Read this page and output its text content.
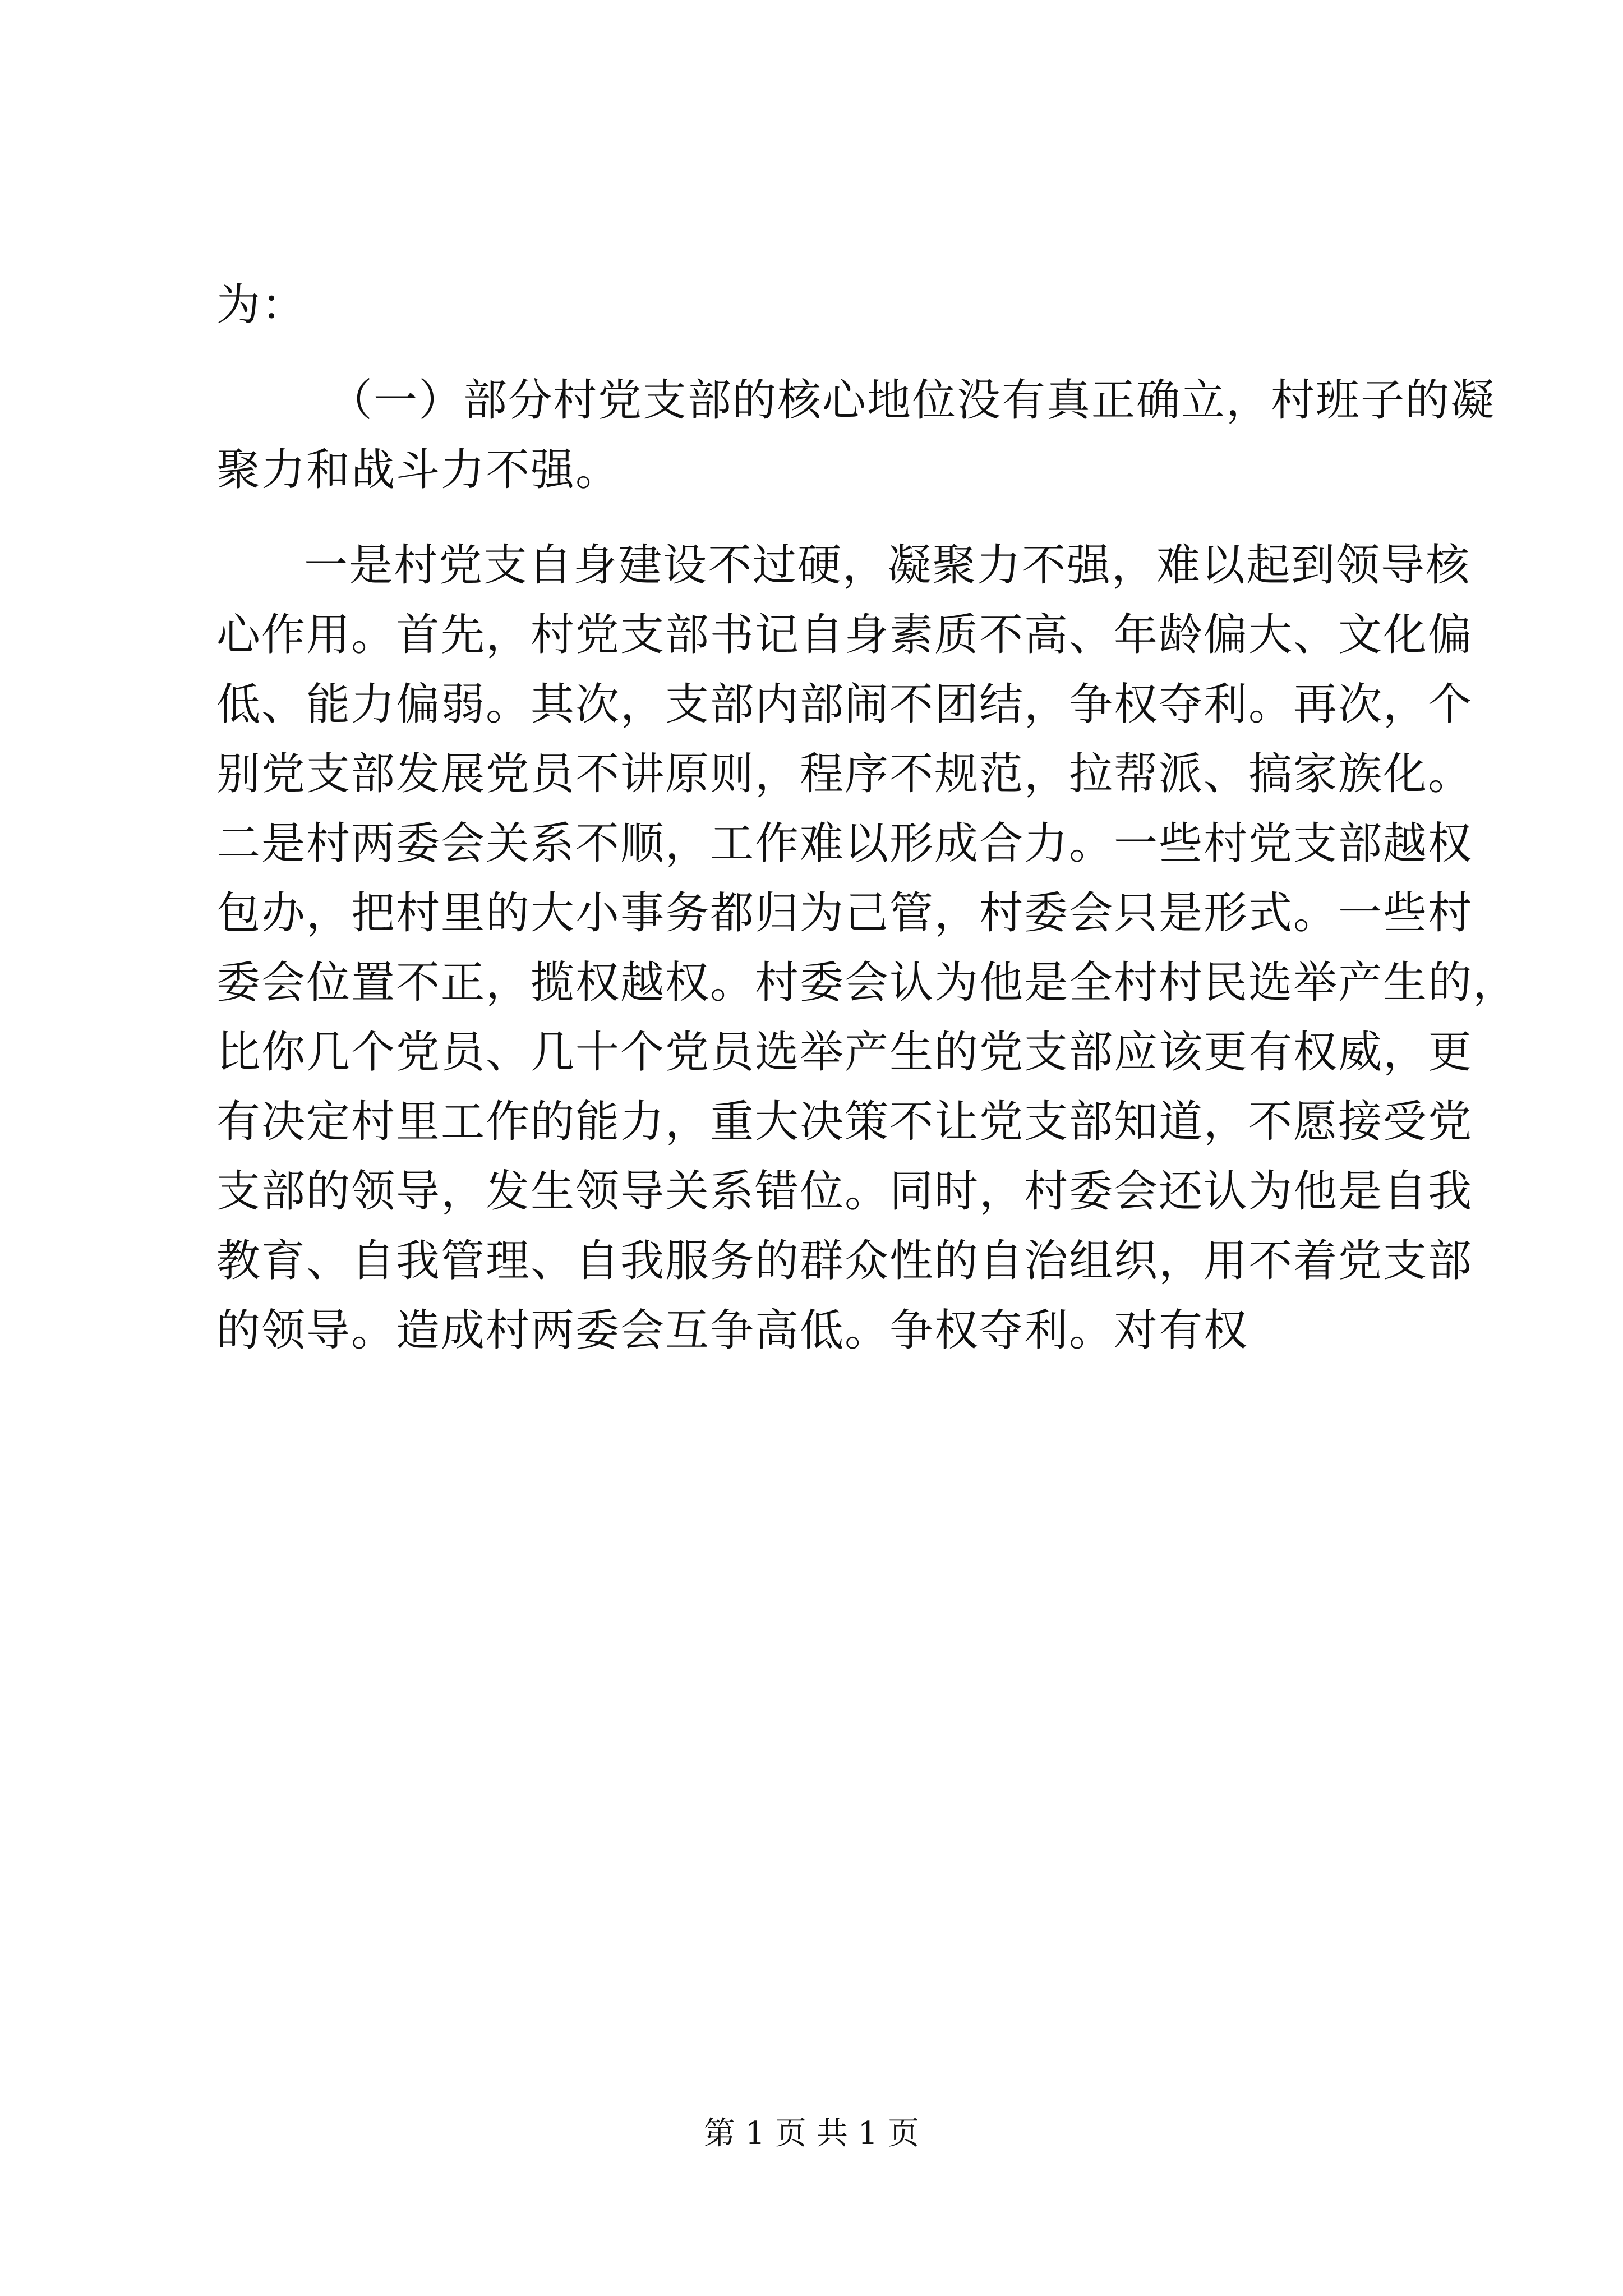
为：
（一）部分村党支部的核心地位没有真正确立，村班子的凝
聚力和战斗力不强。
一是村党支自身建设不过硬，凝聚力不强，难以起到领导核
心作用。首先，村党支部书记自身素质不高、年龄偏大、文化偏
低、能力偏弱。其次，支部内部闹不团结，争权夺利。再次，个
别党支部发展党员不讲原则，程序不规范，拉帮派、搞家族化。
二是村两委会关系不顺，工作难以形成合力。一些村党支部越权
包办，把村里的大小事务都归为己管，村委会只是形式。一些村
委会位置不正，揽权越权。村委会认为他是全村村民选举产生的，
比你几个党员、几十个党员选举产生的党支部应该更有权威，更
有决定村里工作的能力，重大决策不让党支部知道，不愿接受党
支部的领导，发生领导关系错位。同时，村委会还认为他是自我
教育、自我管理、自我服务的群众性的自治组织，用不着党支部
的领导。造成村两委会互争高低。争权夺利。对有权
第 1 页 共 1 页
